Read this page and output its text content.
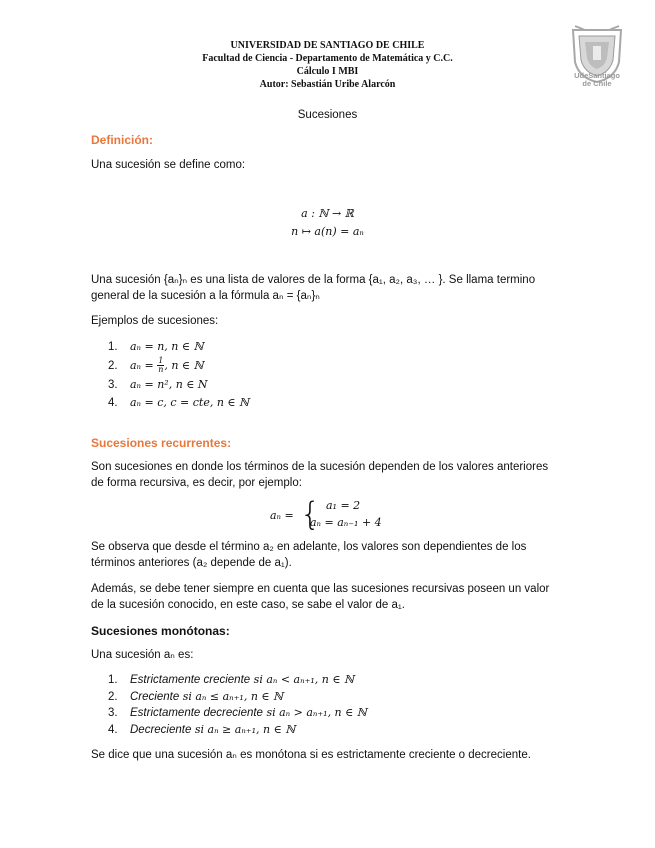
UNIVERSIDAD DE SANTIAGO DE CHILE
Facultad de Ciencia - Departamento de Matemática y C.C.
Cálculo I MBI
Autor: Sebastián Uribe Alarcón
UdeSantiago
de Chile
Sucesiones
Definición:
Una sucesión se define como:
a : ℕ → ℝ
n ↦ a(n) = aₙ
Una sucesión {aₙ}ₙ es una lista de valores de la forma {a₁, a₂, a₃, … }. Se llama termino
general de la sucesión a la fórmula aₙ = {aₙ}ₙ
Ejemplos de sucesiones:
1. aₙ = n, n ∈ ℕ
2. $a_n = \frac{1}{n}$ , n ∈ ℕ
3. aₙ = n², n ∈ N
4. aₙ = c, c = cte, n ∈ ℕ
Sucesiones recurrentes:
Son sucesiones en donde los términos de la sucesión dependen de los valores anteriores
de forma recursiva, es decir, por ejemplo:
aₙ = { a₁ = 2
aₙ = aₙ₋₁ + 4
Se observa que desde el término a₂ en adelante, los valores son dependientes de los
términos anteriores (a₂ depende de a₁).
Además, se debe tener siempre en cuenta que las sucesiones recursivas poseen un valor
de la sucesión conocido, en este caso, se sabe el valor de a₁.
Sucesiones monótonas:
Una sucesión aₙ es:
1. Estrictamente creciente si aₙ < aₙ₊₁, n ∈ ℕ
2. Creciente si aₙ ≤ aₙ₊₁, n ∈ ℕ
3. Estrictamente decreciente si aₙ > aₙ₊₁, n ∈ ℕ
4. Decreciente si aₙ ≥ aₙ₊₁, n ∈ ℕ
Se dice que una sucesión aₙ es monótona si es estrictamente creciente o decreciente.
